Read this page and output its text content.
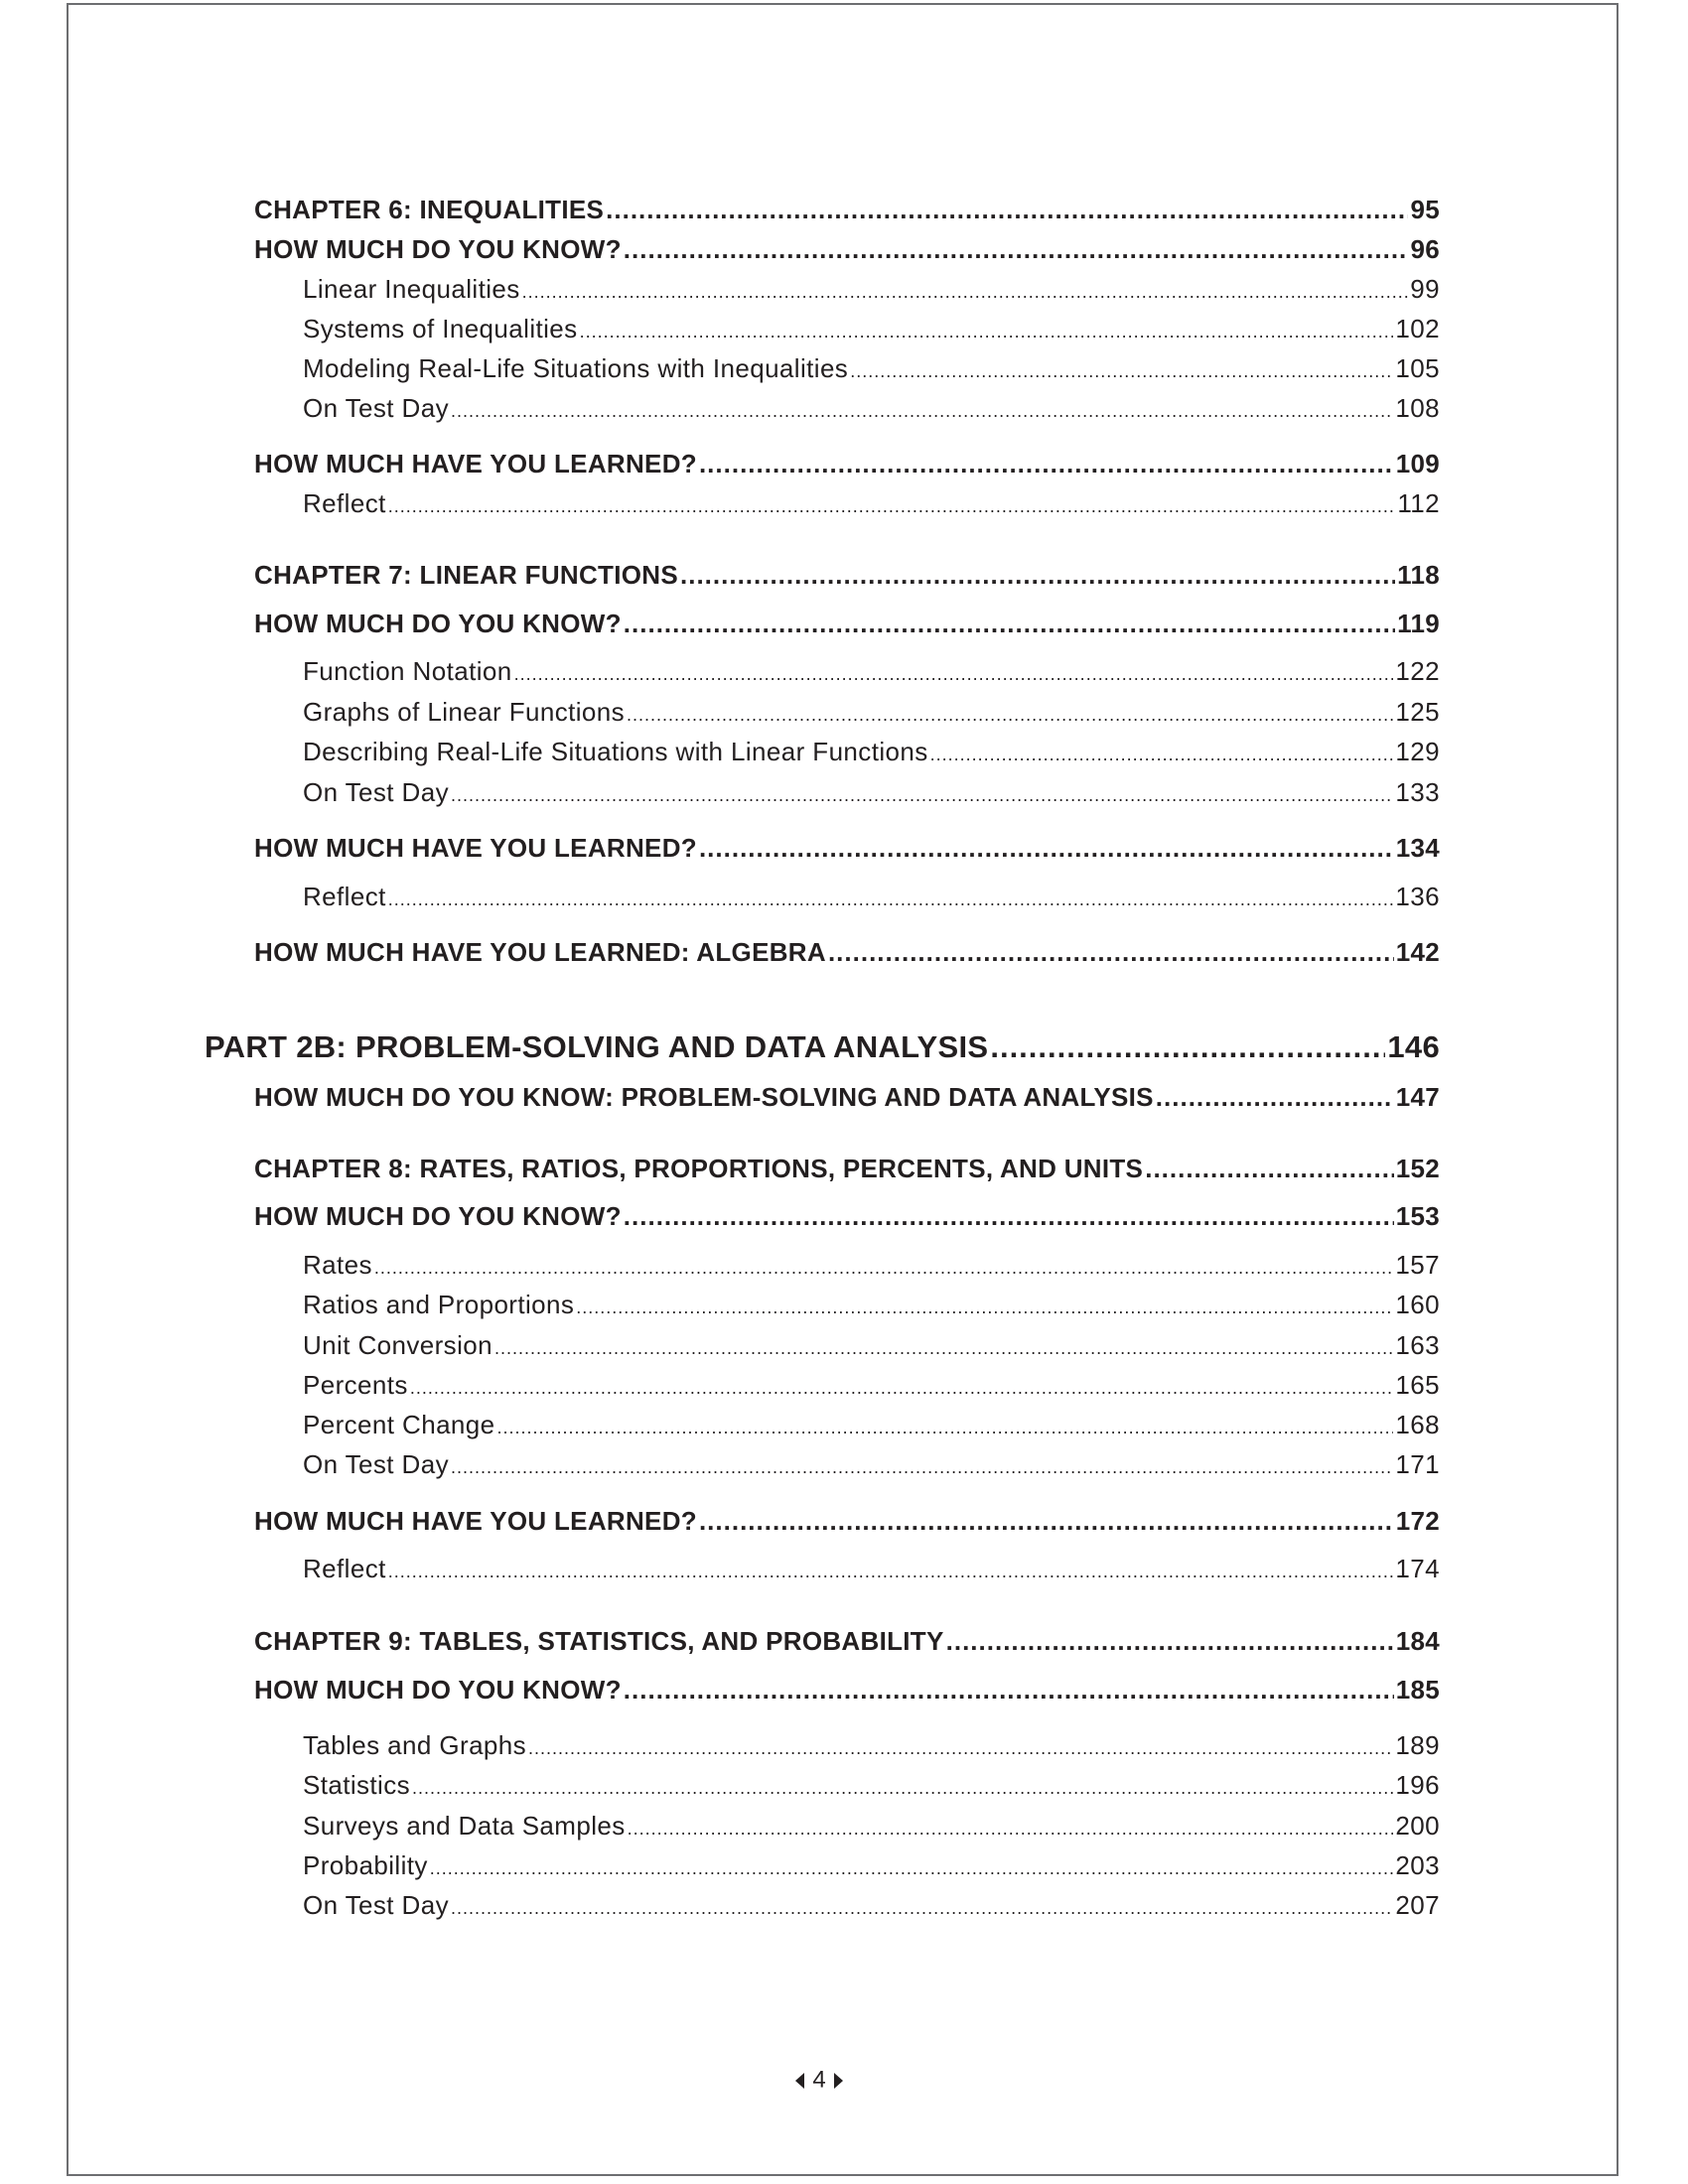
CHAPTER 6: INEQUALITIES .....	95
HOW MUCH DO YOU KNOW? .....	96
Linear Inequalities .....	99
Systems of Inequalities .....	102
Modeling Real-Life Situations with Inequalities .....	105
On Test Day .....	108
HOW MUCH HAVE YOU LEARNED? .....	109
Reflect .....	112
CHAPTER 7: LINEAR FUNCTIONS .....	118
HOW MUCH DO YOU KNOW? .....	119
Function Notation .....	122
Graphs of Linear Functions .....	125
Describing Real-Life Situations with Linear Functions .....	129
On Test Day .....	133
HOW MUCH HAVE YOU LEARNED? .....	134
Reflect .....	136
HOW MUCH HAVE YOU LEARNED: ALGEBRA .....	142
PART 2B: PROBLEM-SOLVING AND DATA ANALYSIS .....	146
HOW MUCH DO YOU KNOW: PROBLEM-SOLVING AND DATA ANALYSIS .....	147
CHAPTER 8: RATES, RATIOS, PROPORTIONS, PERCENTS, AND UNITS .....	152
HOW MUCH DO YOU KNOW? .....	153
Rates .....	157
Ratios and Proportions .....	160
Unit Conversion .....	163
Percents .....	165
Percent Change .....	168
On Test Day .....	171
HOW MUCH HAVE YOU LEARNED? .....	172
Reflect .....	174
CHAPTER 9: TABLES, STATISTICS, AND PROBABILITY .....	184
HOW MUCH DO YOU KNOW? .....	185
Tables and Graphs .....	189
Statistics .....	196
Surveys and Data Samples .....	200
Probability .....	203
On Test Day .....	207
4
